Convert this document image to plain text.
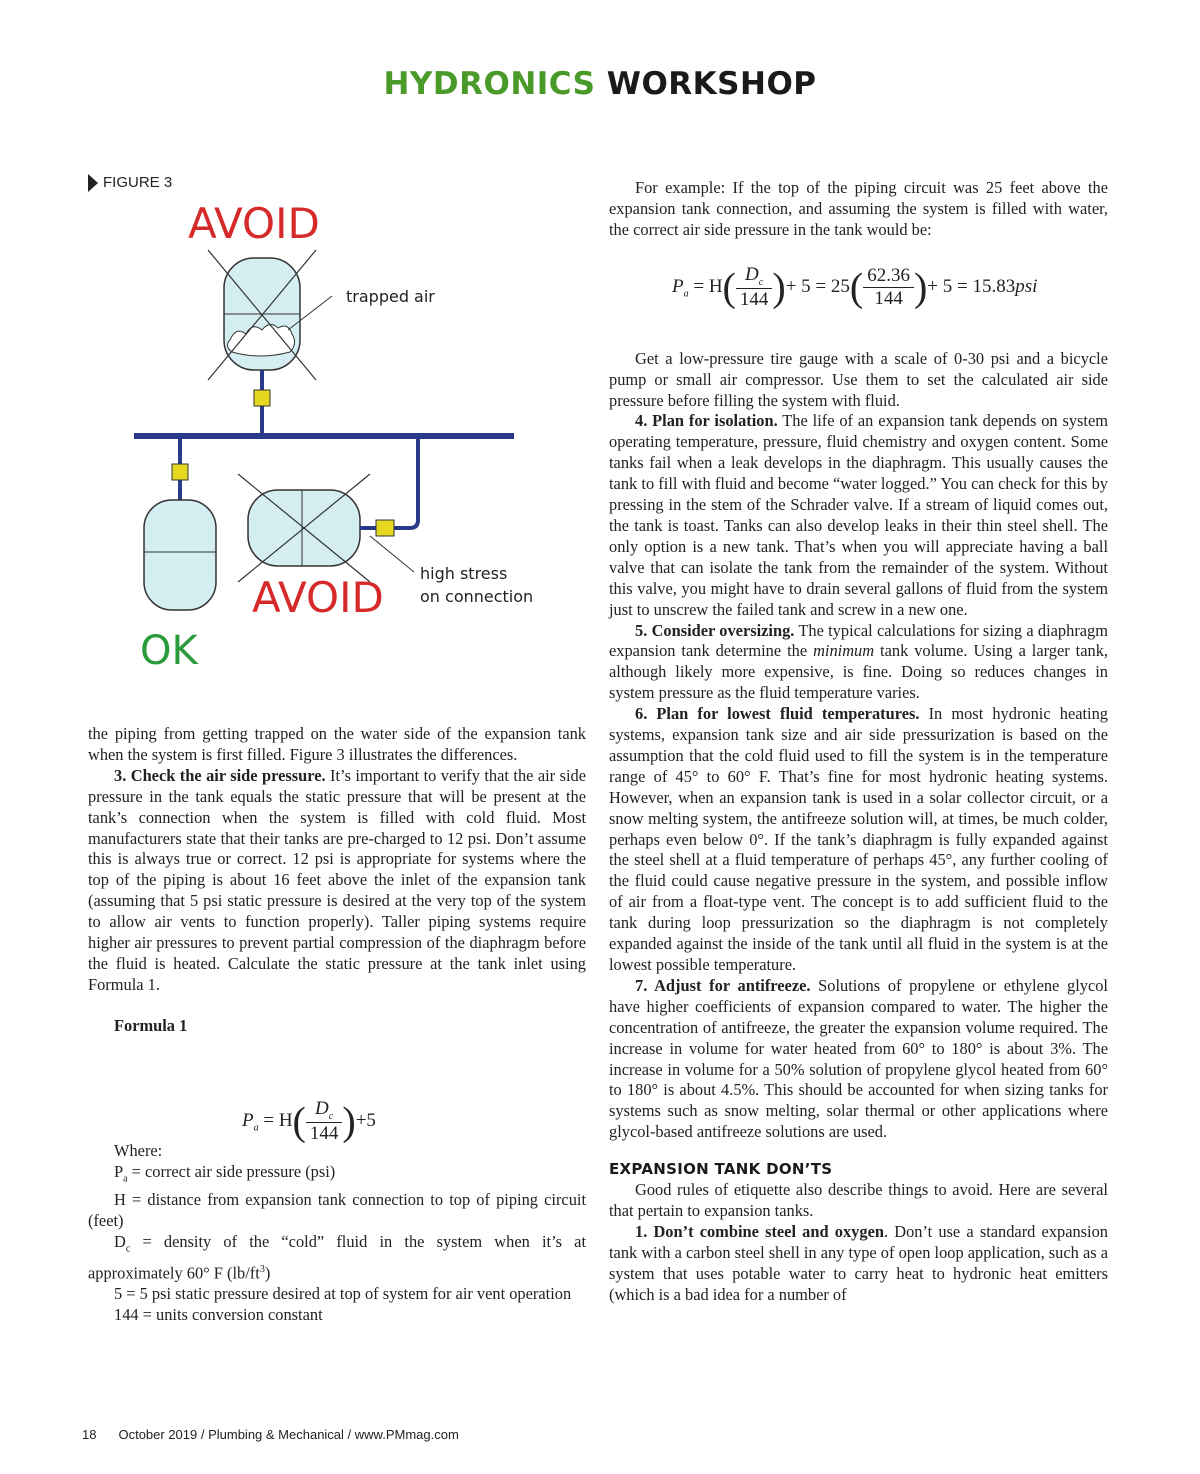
HYDRONICS WORKSHOP
FIGURE 3
AVOID
trapped air
OK
AVOID high stress
on connection

the piping from getting trapped on the water side of the expansion tank when the system is first filled. Figure 3 illustrates the differences.

3. Check the air side pressure. It’s important to verify that the air side pressure in the tank equals the static pressure that will be present at the tank’s connection when the system is filled with cold fluid. Most manufacturers state that their tanks are pre-charged to 12 psi. Don’t assume this is always true or correct. 12 psi is appropriate for systems where the top of the piping is about 16 feet above the inlet of the expansion tank (assuming that 5 psi static pressure is desired at the very top of the system to allow air vents to function properly). Taller piping systems require higher air pressures to prevent partial compression of the diaphragm before the fluid is heated. Calculate the static pressure at the tank inlet using Formula 1.

Formula 1

Where:

$P_a$ = correct air side pressure (psi)

H = distance from expansion tank connection to top of piping circuit (feet)

$D_c$ = density of the “cold” fluid in the system when it’s at approximately 60° F $(lb/ft^3)$

5 = 5 psi static pressure desired at top of system for air vent operation

144 = units conversion constant

$P_a = H( \frac{D_c}{144} )+5$
$P_a = H( \frac{D_c}{144}$ )+ $5 = 25( \frac{62.36}{144}$ )+ 5 = 15.83psi

For example: If the top of the piping circuit was 25 feet above the expansion tank connection, and assuming the system is filled with water, the correct air side pressure in the tank would be:

Get a low-pressure tire gauge with a scale of 0-30 psi and a bicycle pump or small air compressor. Use them to set the calculated air side pressure before filling the system with fluid.

4. Plan for isolation. The life of an expansion tank depends on system operating temperature, pressure, fluid chemistry and oxygen content. Some tanks fail when a leak develops in the diaphragm. This usually causes the tank to fill with fluid and become “water logged.” You can check for this by pressing in the stem of the Schrader valve. If a stream of liquid comes out, the tank is toast. Tanks can also develop leaks in their thin steel shell. The only option is a new tank. That’s when you will appreciate having a ball valve that can isolate the tank from the remainder of the system. Without this valve, you might have to drain several gallons of fluid from the system just to unscrew the failed tank and screw in a new one.

5. Consider oversizing. The typical calculations for sizing a diaphragm expansion tank determine the minimum tank volume. Using a larger tank, although likely more expensive, is fine. Doing so reduces changes in system pressure as the fluid temperature varies.

6. Plan for lowest fluid temperatures. In most hydronic heating systems, expansion tank size and air side pressurization is based on the assumption that the cold fluid used to fill the system is in the temperature range of 45° to 60° F. That’s fine for most hydronic heating systems. However, when an expansion tank is used in a solar collector circuit, or a snow melting system, the antifreeze solution will, at times, be much colder, perhaps even below 0°. If the tank’s diaphragm is fully expanded against the steel shell at a fluid temperature of perhaps 45°, any further cooling of the fluid could cause negative pressure in the system, and possible inflow of air from a float-type vent. The concept is to add sufficient fluid to the tank during loop pressurization so the diaphragm is not completely expanded against the inside of the tank until all fluid in the system is at the lowest possible temperature.

7. Adjust for antifreeze. Solutions of propylene or ethylene glycol have higher coefficients of expansion compared to water. The higher the concentration of antifreeze, the greater the expansion volume required. The increase in volume for water heated from 60° to 180° is about 3%. The increase in volume for a 50% solution of propylene glycol heated from 60° to 180° is about 4.5%. This should be accounted for when sizing tanks for systems such as snow melting, solar thermal or other applications where glycol-based antifreeze solutions are used.

EXPANSION TANK DON’TS

Good rules of etiquette also describe things to avoid. Here are several that pertain to expansion tanks.

1. Don’t combine steel and oxygen. Don’t use a standard expansion tank with a carbon steel shell in any type of open loop application, such as a system that uses potable water to carry heat to hydronic heat emitters (which is a bad idea for a number of

18 October 2019 / Plumbing & Mechanical / www.PMmag.com
